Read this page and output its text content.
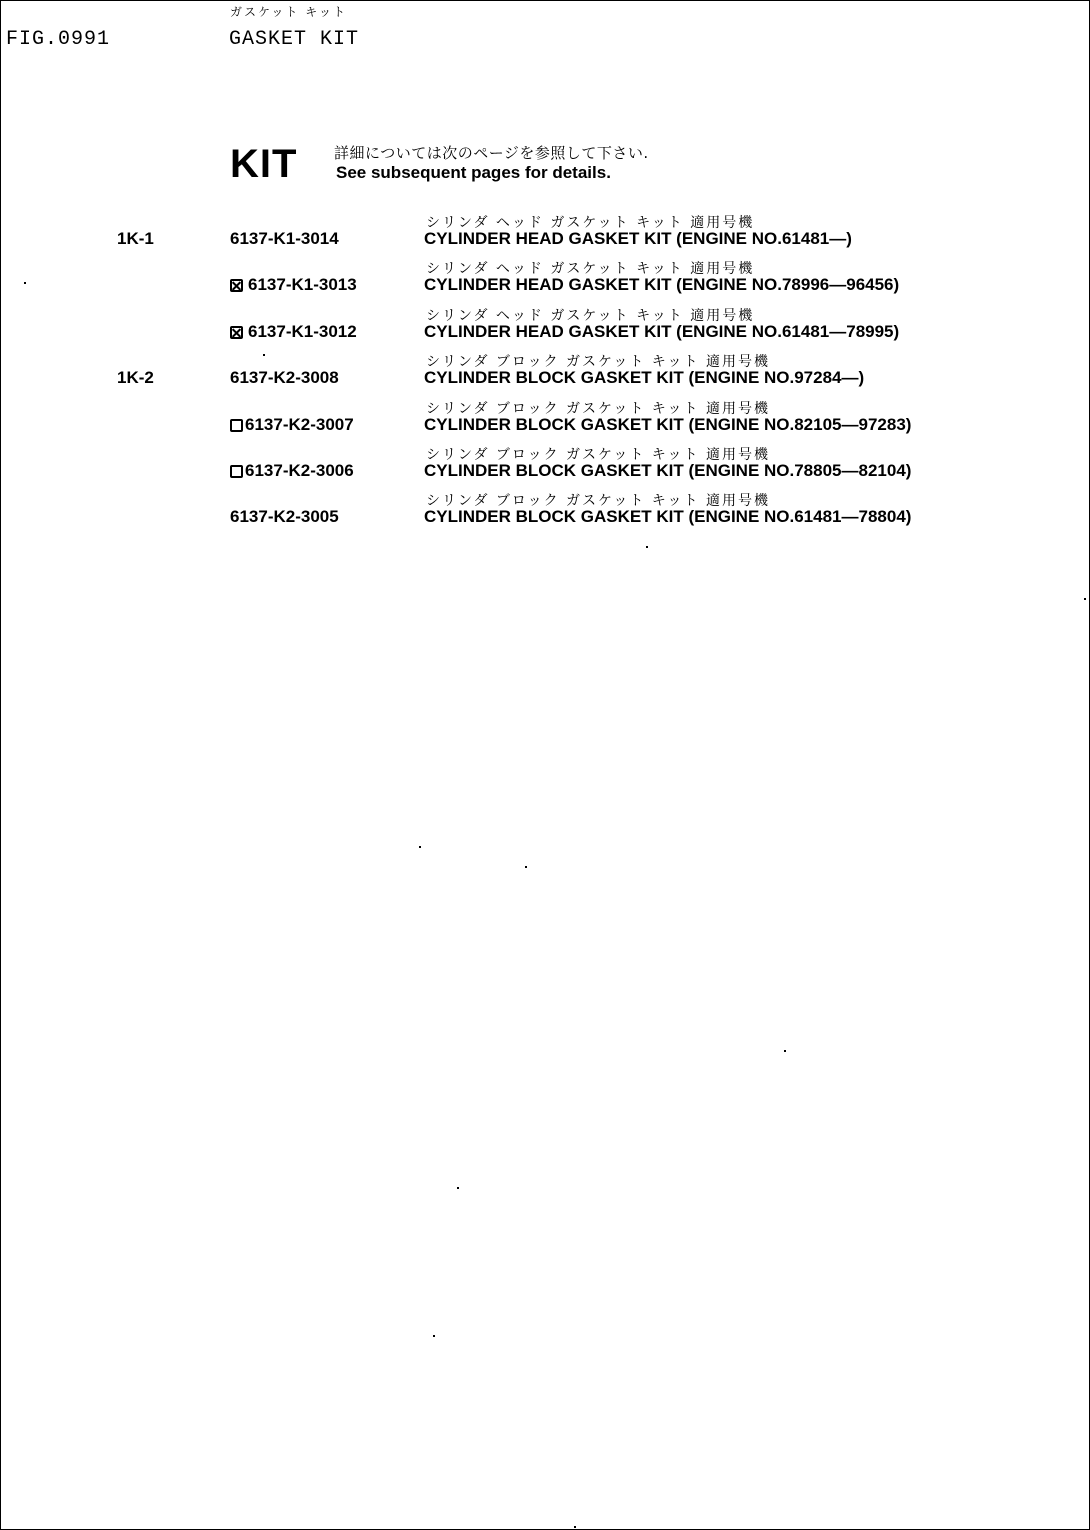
FIG.0991
ガスケット キット
GASKET KIT
KIT 詳細については次のページを参照して下さい.
See subsequent pages for details.
1K-1	6137-K1-3014
シリンダ ヘッド ガスケット キット 適用号機
CYLINDER HEAD GASKET KIT (ENGINE NO.61481—)
6137-K1-3013
シリンダ ヘッド ガスケット キット 適用号機
CYLINDER HEAD GASKET KIT (ENGINE NO.78996—96456)
6137-K1-3012
シリンダ ヘッド ガスケット キット 適用号機
CYLINDER HEAD GASKET KIT (ENGINE NO.61481—78995)
1K-2	6137-K2-3008
シリンダ ブロック ガスケット キット 適用号機
CYLINDER BLOCK GASKET KIT (ENGINE NO.97284—)
6137-K2-3007
シリンダ ブロック ガスケット キット 適用号機
CYLINDER BLOCK GASKET KIT (ENGINE NO.82105—97283)
6137-K2-3006
シリンダ ブロック ガスケット キット 適用号機
CYLINDER BLOCK GASKET KIT (ENGINE NO.78805—82104)
6137-K2-3005
シリンダ ブロック ガスケット キット 適用号機
CYLINDER BLOCK GASKET KIT (ENGINE NO.61481—78804)
